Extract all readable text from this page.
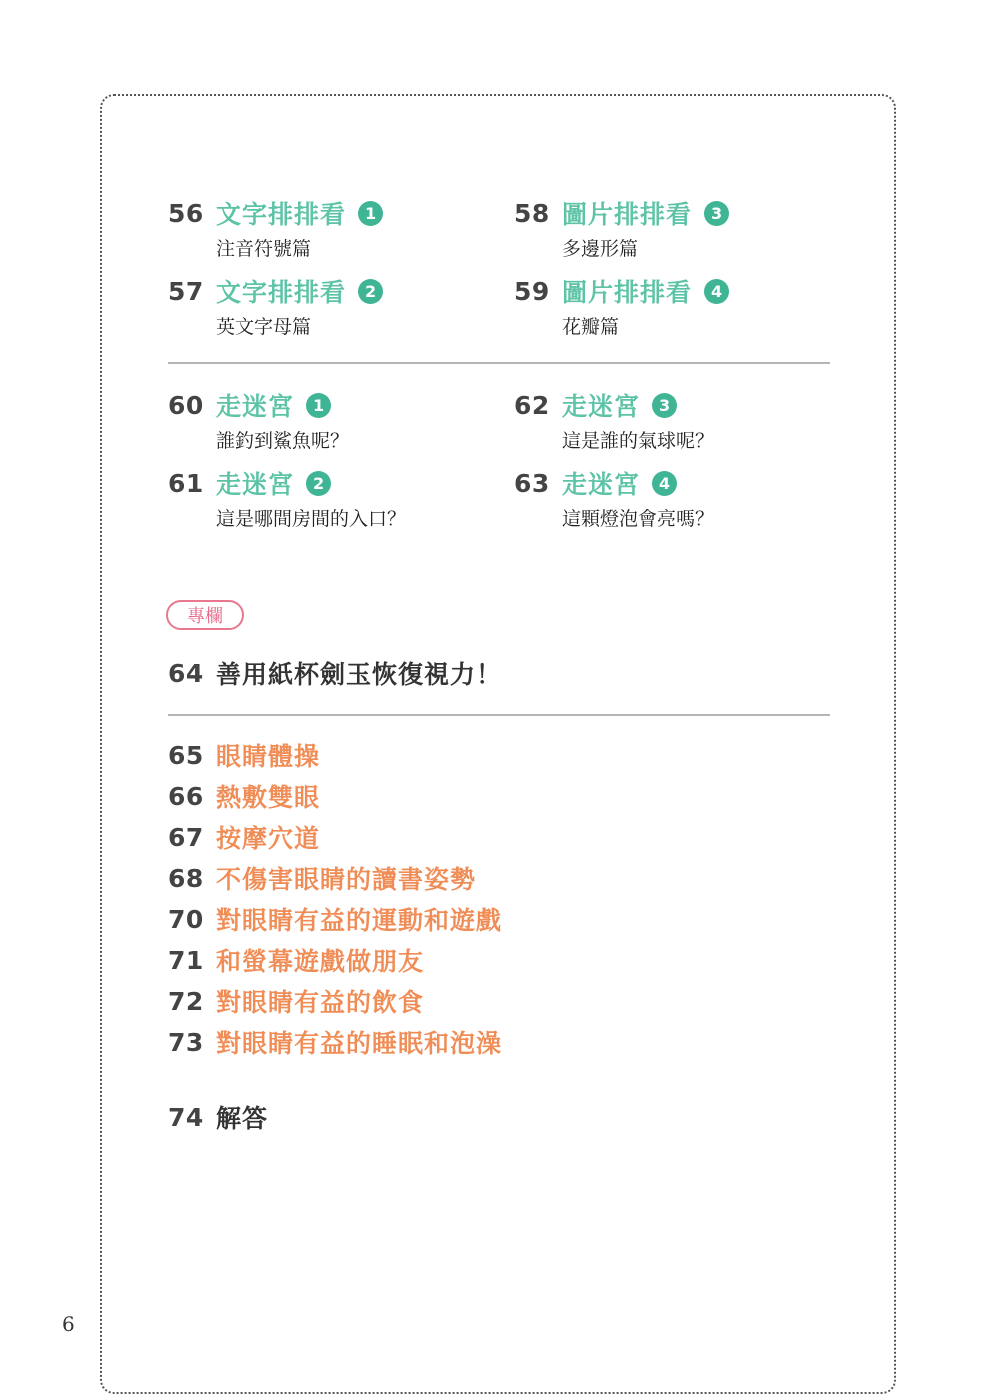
56 文字排排看	1
注音符號篇
57 文字排排看	2
英文字母篇
58 圖片排排看	3
多邊形篇
59 圖片排排看	4
花瓣篇
60 走迷宮	1
誰釣到鯊魚呢？
61 走迷宮	2
這是哪間房間的入口？
62 走迷宮	3
這是誰的氣球呢？
63 走迷宮	4
這顆燈泡會亮嗎？
專欄
64 善用紙杯劍玉恢復視力！
65 眼睛體操
66 熱敷雙眼
67 按摩穴道
68 不傷害眼睛的讀書姿勢
70 對眼睛有益的運動和遊戲
71 和螢幕遊戲做朋友
72 對眼睛有益的飲食
73 對眼睛有益的睡眠和泡澡
74 解答
6
